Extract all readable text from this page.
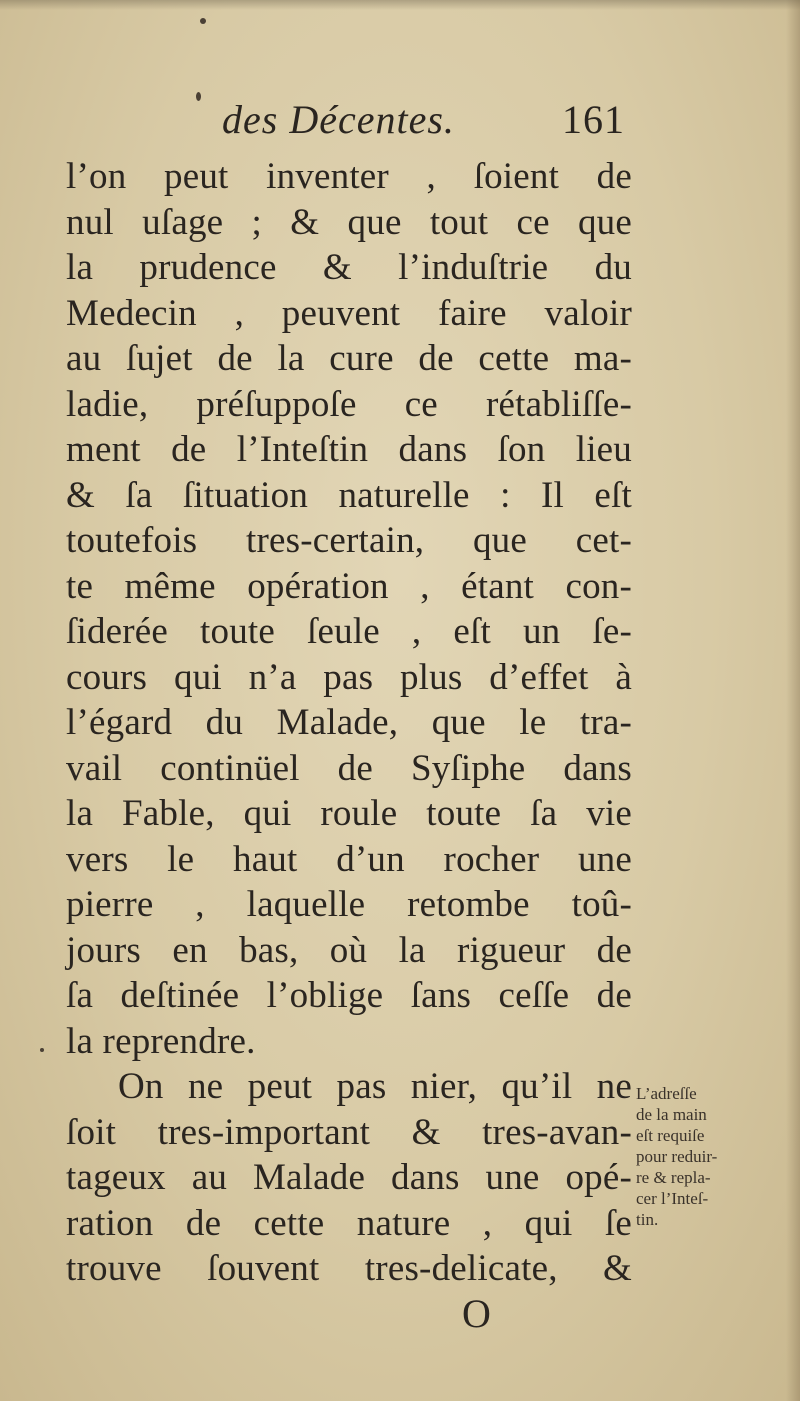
des Décentes.	161
l’on peut inventer , ſoient de
nul uſage ; & que tout ce que
la prudence & l’induſtrie du
Medecin , peuvent faire valoir
au ſujet de la cure de cette ma-
ladie, préſuppoſe ce rétabliſſe-
ment de l’Inteſtin dans ſon lieu
& ſa ſituation naturelle : Il eſt
toutefois tres-certain, que cet-
te même opération , étant con-
ſiderée toute ſeule , eſt un ſe-
cours qui n’a pas plus d’effet à
l’égard du Malade, que le tra-
vail continüel de Syſiphe dans
la Fable, qui roule toute ſa vie
vers le haut d’un rocher une
pierre , laquelle retombe toû-
jours en bas, où la rigueur de
ſa deſtinée l’oblige ſans ceſſe de
la reprendre.
On ne peut pas nier, qu’il ne
ſoit tres-important & tres-avan-
tageux au Malade dans une opé-
ration de cette nature , qui ſe
trouve ſouvent tres-delicate, &
L’adreſſe
de la main
eſt requiſe
pour reduir-
re & repla-
cer l’Inteſ-
tin.
O
